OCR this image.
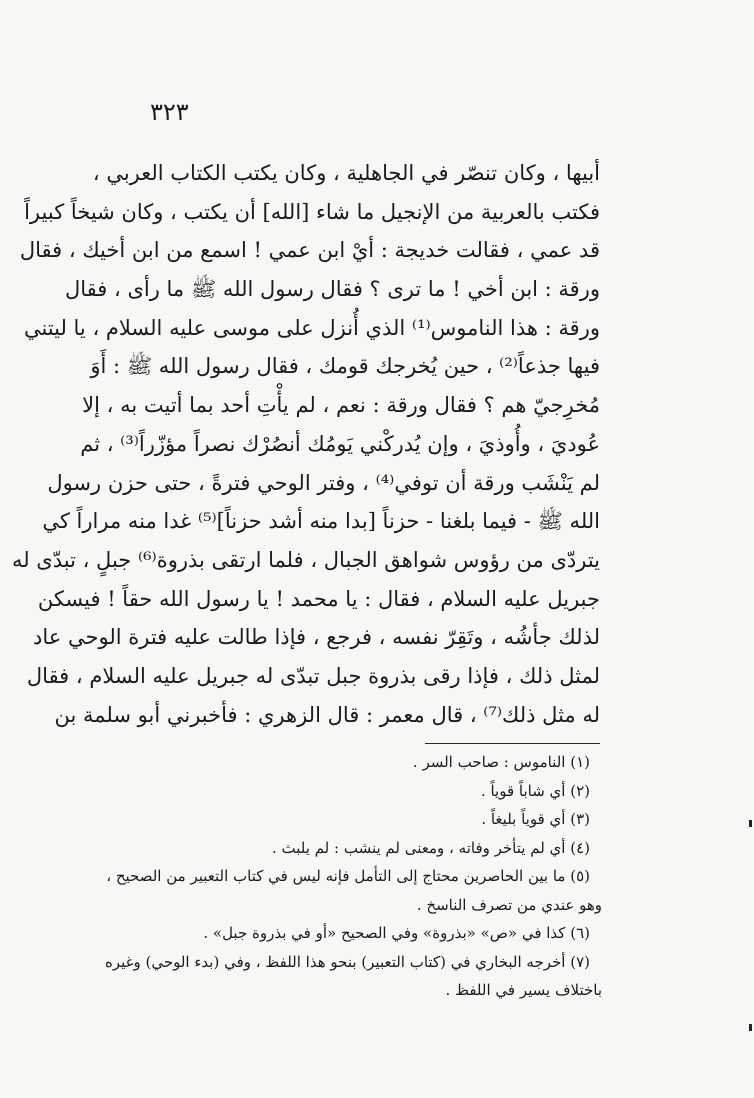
٣٢٣
أبيها ، وكان تنصّر في الجاهلية ، وكان يكتب الكتاب العربي ،
فكتب بالعربية من الإنجيل ما شاء [الله] أن يكتب ، وكان شيخاً كبيراً
قد عمي ، فقالت خديجة : أيْ ابن عمي ! اسمع من ابن أخيك ، فقال
ورقة : ابن أخي ! ما ترى ؟ فقال رسول الله ﷺ ما رأى ، فقال
ورقة : هذا الناموس⁽¹⁾ الذي أُنزل على موسى عليه السلام ، يا ليتني
فيها جذعاً⁽²⁾ ، حين يُخرجك قومك ، فقال رسول الله ﷺ : أَوَ
مُخرِجيّ هم ؟ فقال ورقة : نعم ، لم يأْتِ أحد بما أتيت به ، إلا
عُوديَ ، وأُوذيَ ، وإن يُدركْني يَومُك أنصُرْك نصراً مؤزّراً⁽³⁾ ، ثم
لم يَنْشَب ورقة أن توفي⁽⁴⁾ ، وفتر الوحي فترةً ، حتى حزن رسول
الله ﷺ - فيما بلغنا - حزناً [بدا منه أشد حزناً]⁽⁵⁾ غدا منه مراراً كي
يتردّى من رؤوس شواهق الجبال ، فلما ارتقى بذروة⁽⁶⁾ جبلٍ ، تبدّى له
جبريل عليه السلام ، فقال : يا محمد ! يا رسول الله حقاً ! فيسكن
لذلك جأشُه ، وتَقِرّ نفسه ، فرجع ، فإذا طالت عليه فترة الوحي عاد
لمثل ذلك ، فإذا رقى بذروة جبل تبدّى له جبريل عليه السلام ، فقال
له مثل ذلك⁽⁷⁾ ، قال معمر : قال الزهري : فأخبرني أبو سلمة بن
(١) الناموس : صاحب السر .
(٢) أي شاباً قوياً .
(٣) أي قوياً بليغاً .
(٤) أي لم يتأخر وفاته ، ومعنى لم ينشب : لم يلبث .
(٥) ما بين الحاصرين محتاج إلى التأمل فإنه ليس في كتاب التعبير من الصحيح ،
وهو عندي من تصرف الناسخ .
(٦) كذا في «ص» «بذروة» وفي الصحيح «أو في بذروة جبل» .
(٧) أخرجه البخاري في (كتاب التعبير) بنحو هذا اللفظ ، وفي (بدء الوحي) وغيره
باختلاف يسير في اللفظ .
